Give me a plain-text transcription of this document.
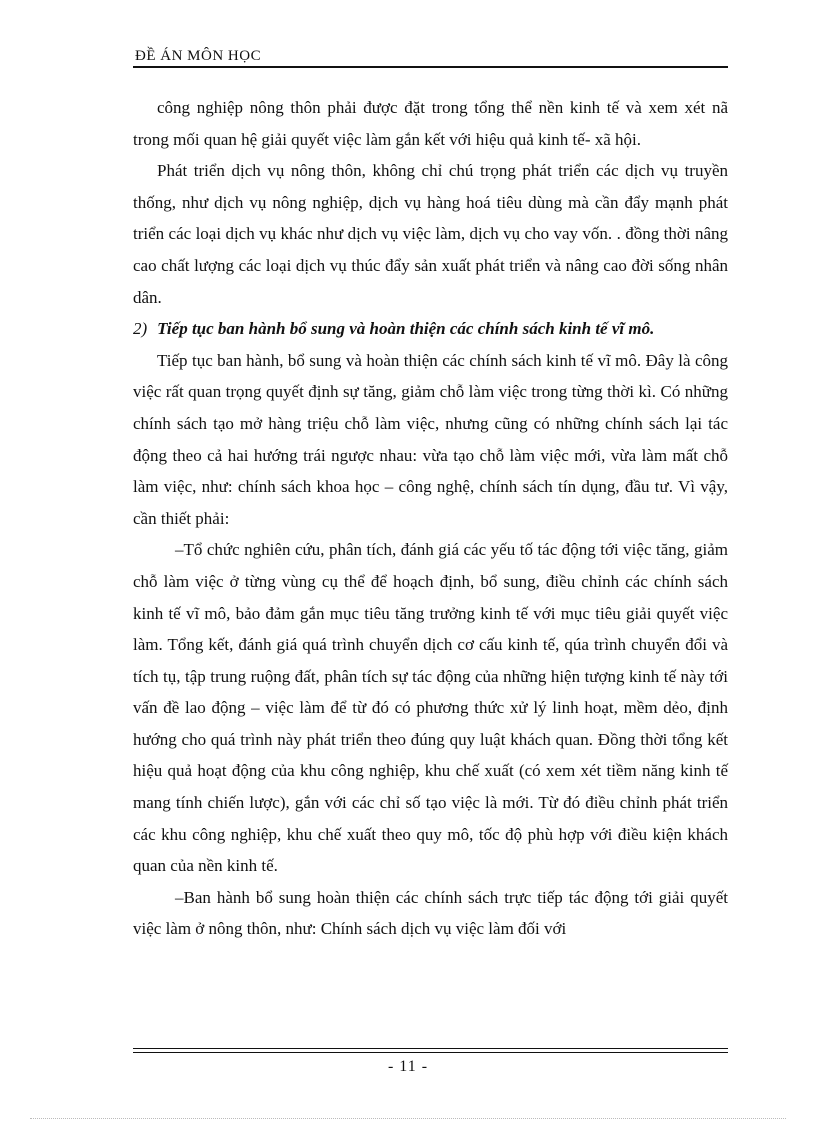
ĐỀ ÁN MÔN HỌC

công nghiệp nông thôn phải được đặt trong tổng thể nền kinh tế và xem xét nã trong mối quan hệ giải quyết việc làm gắn kết với hiệu quả kinh tế- xã hội.

Phát triển dịch vụ nông thôn, không chỉ chú trọng phát triển các dịch vụ truyền thống, như dịch vụ nông nghiệp, dịch vụ hàng hoá tiêu dùng mà cần đẩy mạnh phát triển các loại dịch vụ khác như dịch vụ việc làm, dịch vụ cho vay vốn. . đồng thời nâng cao chất lượng các loại dịch vụ thúc đẩy sản xuất phát triển và nâng cao đời sống nhân dân.

2) Tiếp tục ban hành bổ sung và hoàn thiện các chính sách kinh tế vĩ mô.

Tiếp tục ban hành, bổ sung và hoàn thiện các chính sách kinh tế vĩ mô. Đây là công việc rất quan trọng quyết định sự tăng, giảm chỗ làm việc trong từng thời kì. Có những chính sách tạo mở hàng triệu chỗ làm việc, nhưng cũng có những chính sách lại tác động theo cả hai hướng trái ngược nhau: vừa tạo chỗ làm việc mới, vừa làm mất chỗ làm việc, như: chính sách khoa học – công nghệ, chính sách tín dụng, đầu tư. Vì vậy, cần thiết phải:

–Tổ chức nghiên cứu, phân tích, đánh giá các yếu tố tác động tới việc tăng, giảm chỗ làm việc ở từng vùng cụ thể để hoạch định, bổ sung, điều chỉnh các chính sách kinh tế vĩ mô, bảo đảm gắn mục tiêu tăng trưởng kinh tế với mục tiêu giải quyết việc làm. Tổng kết, đánh giá quá trình chuyển dịch cơ cấu kinh tế, qúa trình chuyển đổi và tích tụ, tập trung ruộng đất, phân tích sự tác động của những hiện tượng kinh tế này tới vấn đề lao động – việc làm để từ đó có phương thức xử lý linh hoạt, mềm dẻo, định hướng cho quá trình này phát triển theo đúng quy luật khách quan. Đồng thời tổng kết hiệu quả hoạt động của khu công nghiệp, khu chế xuất (có xem xét tiềm năng kinh tế mang tính chiến lược), gắn với các chỉ số tạo việc là mới. Từ đó điều chỉnh phát triển các khu công nghiệp, khu chế xuất theo quy mô, tốc độ phù hợp với điều kiện khách quan của nền kinh tế.

–Ban hành bổ sung hoàn thiện các chính sách trực tiếp tác động tới giải quyết việc làm ở nông thôn, như: Chính sách dịch vụ việc làm đối với

- 11 -
